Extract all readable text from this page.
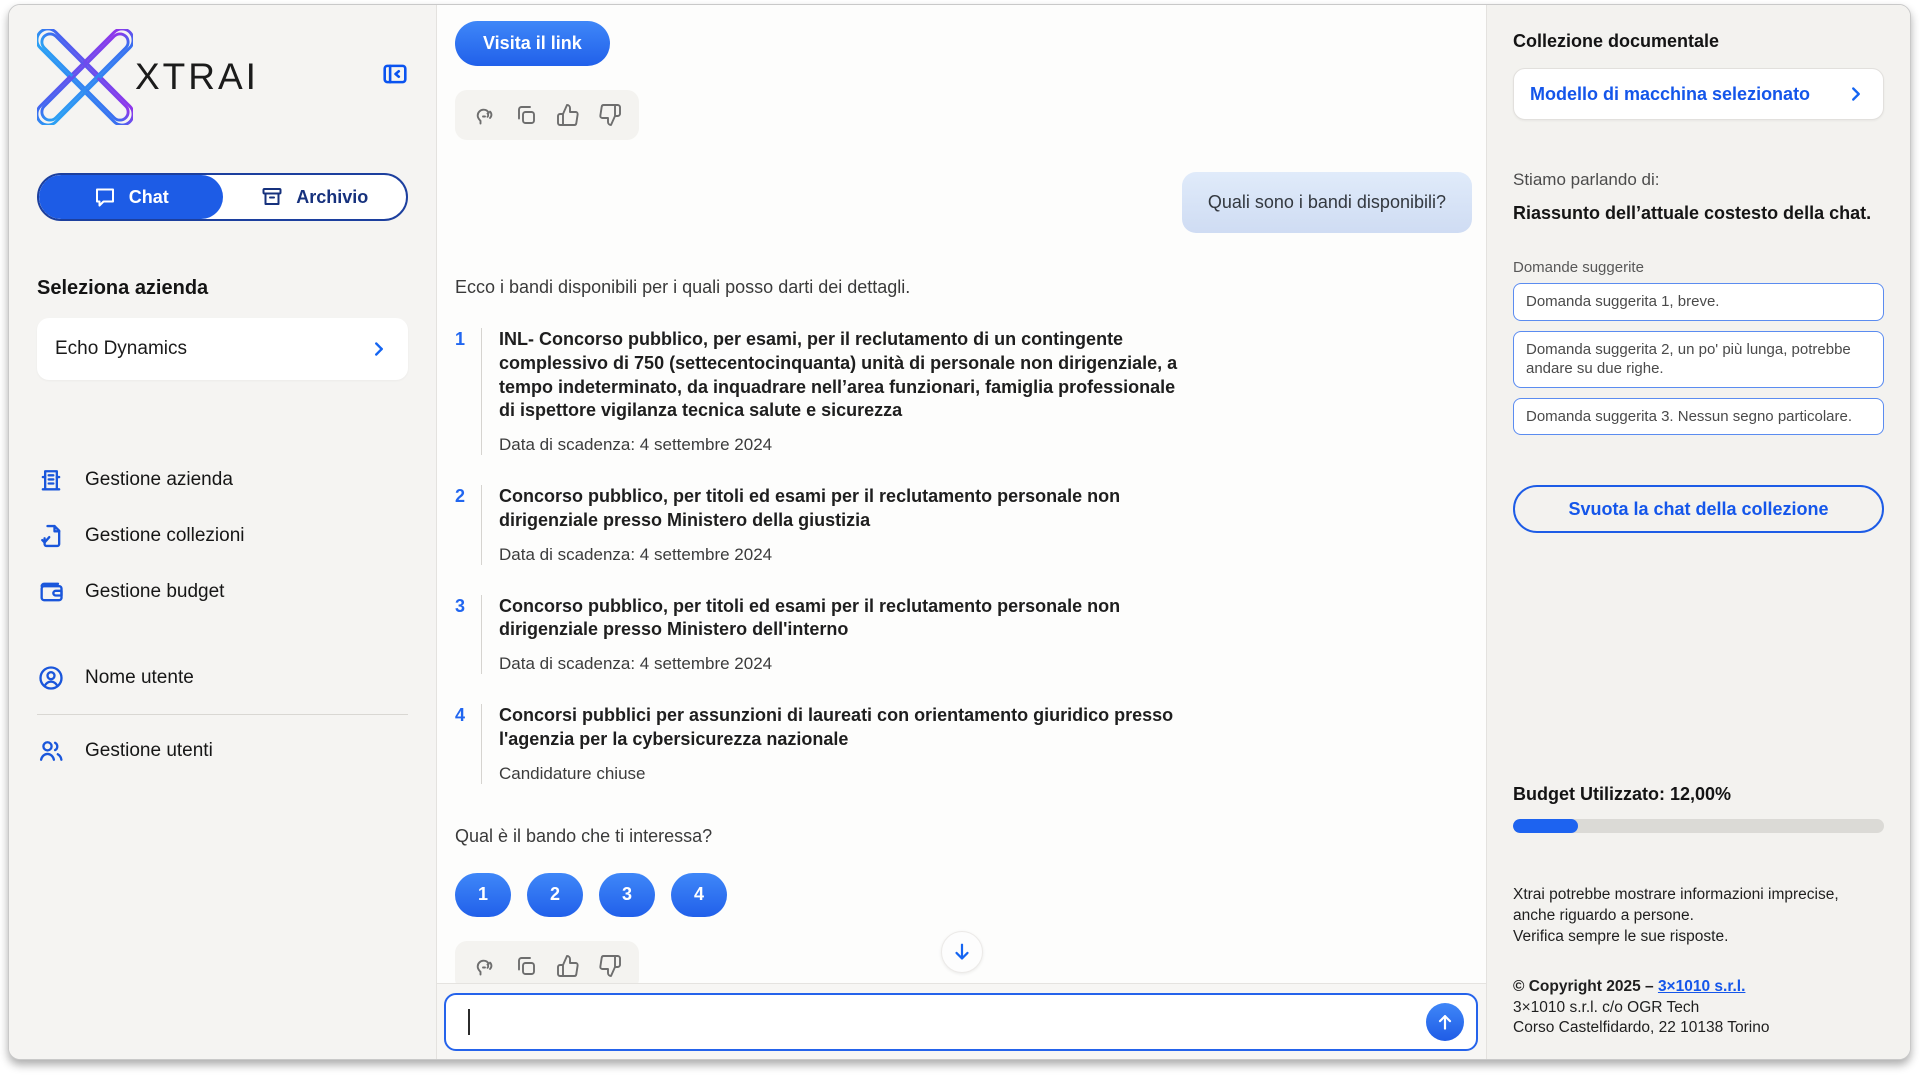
XTRAI
Chat	Archivio
Seleziona azienda
Echo Dynamics
Gestione azienda
Gestione collezioni
Gestione budget
Nome utente
Gestione utenti
Visita il link
Quali sono i bandi disponibili?
Ecco i bandi disponibili per i quali posso darti dei dettagli.
1	INL- Concorso pubblico, per esami, per il reclutamento di un contingente complessivo di 750 (settecentocinquanta) unità di personale non dirigenziale, a tempo indeterminato, da inquadrare nell’area funzionari, famiglia professionale di ispettore vigilanza tecnica salute e sicurezza
Data di scadenza: 4 settembre 2024
2	Concorso pubblico, per titoli ed esami per il reclutamento personale non dirigenziale presso Ministero della giustizia
Data di scadenza: 4 settembre 2024
3	Concorso pubblico, per titoli ed esami per il reclutamento personale non dirigenziale presso Ministero dell'interno
Data di scadenza: 4 settembre 2024
4	Concorsi pubblici per assunzioni di laureati con orientamento giuridico presso l'agenzia per la cybersicurezza nazionale
Candidature chiuse
Qual è il bando che ti interessa?
1	2	3	4
Collezione documentale
Modello di macchina selezionato
Stiamo parlando di:
Riassunto dell’attuale costesto della chat.
Domande suggerite
Domanda suggerita 1, breve.
Domanda suggerita 2, un po' più lunga, potrebbe andare su due righe.
Domanda suggerita 3. Nessun segno particolare.
Svuota la chat della collezione
Budget Utilizzato: 12,00%
Xtrai potrebbe mostrare informazioni imprecise,
anche riguardo a persone.
Verifica sempre le sue risposte.
© Copyright 2025 – 3×1010 s.r.l.
3×1010 s.r.l. c/o OGR Tech
Corso Castelfidardo, 22 10138 Torino
